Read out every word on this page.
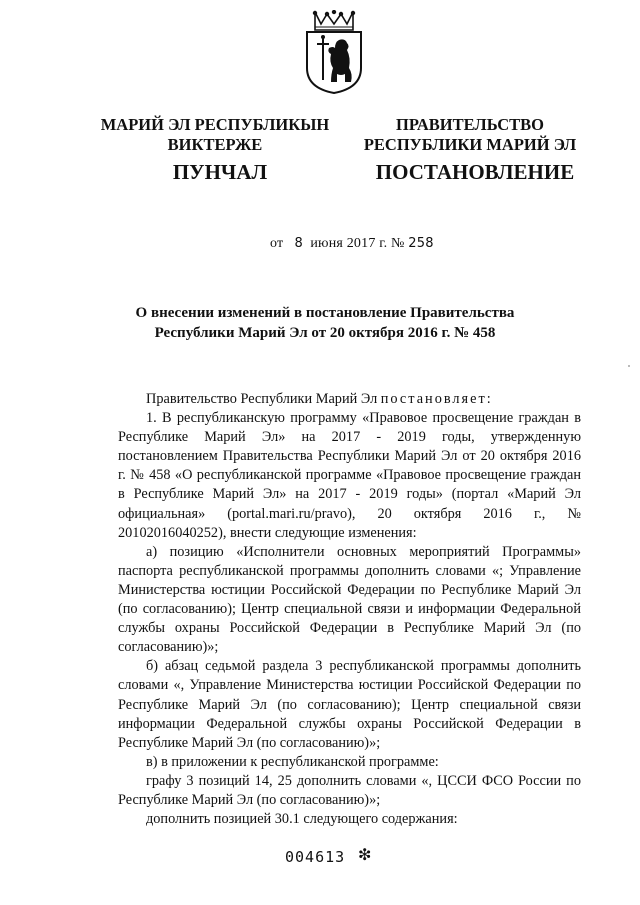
МАРИЙ ЭЛ РЕСПУБЛИКЫН
ВИКТЕРЖЕ
ПРАВИТЕЛЬСТВО
РЕСПУБЛИКИ МАРИЙ ЭЛ
ПУНЧАЛ	ПОСТАНОВЛЕНИЕ
от 8 июня 2017 г. № 258
О внесении изменений в постановление Правительства
Республики Марий Эл от 20 октября 2016 г. № 458

Правительство Республики Марий Эл постановляет:

1. В республиканскую программу «Правовое просвещение граждан в Республике Марий Эл» на 2017 - 2019 годы, утвержденную постановлением Правительства Республики Марий Эл от 20 октября 2016 г. № 458 «О республиканской программе «Правовое просвещение граждан в Республике Марий Эл» на 2017 - 2019 годы» (портал «Марий Эл официальная» (portal.mari.ru/pravo), 20 октября 2016 г., № 20102016040252), внести следующие изменения:

а) позицию «Исполнители основных мероприятий Программы» паспорта республиканской программы дополнить словами «; Управление Министерства юстиции Российской Федерации по Республике Марий Эл (по согласованию); Центр специальной связи и информации Федеральной службы охраны Российской Федерации в Республике Марий Эл (по согласованию)»;

б) абзац седьмой раздела 3 республиканской программы дополнить словами «, Управление Министерства юстиции Российской Федерации по Республике Марий Эл (по согласованию); Центр специальной связи информации Федеральной службы охраны Российской Федерации в Республике Марий Эл (по согласованию)»;

в) в приложении к республиканской программе:

графу 3 позиций 14, 25 дополнить словами «, ЦССИ ФСО России по Республике Марий Эл (по согласованию)»;

дополнить позицией 30.1 следующего содержания:

004613 ❇
